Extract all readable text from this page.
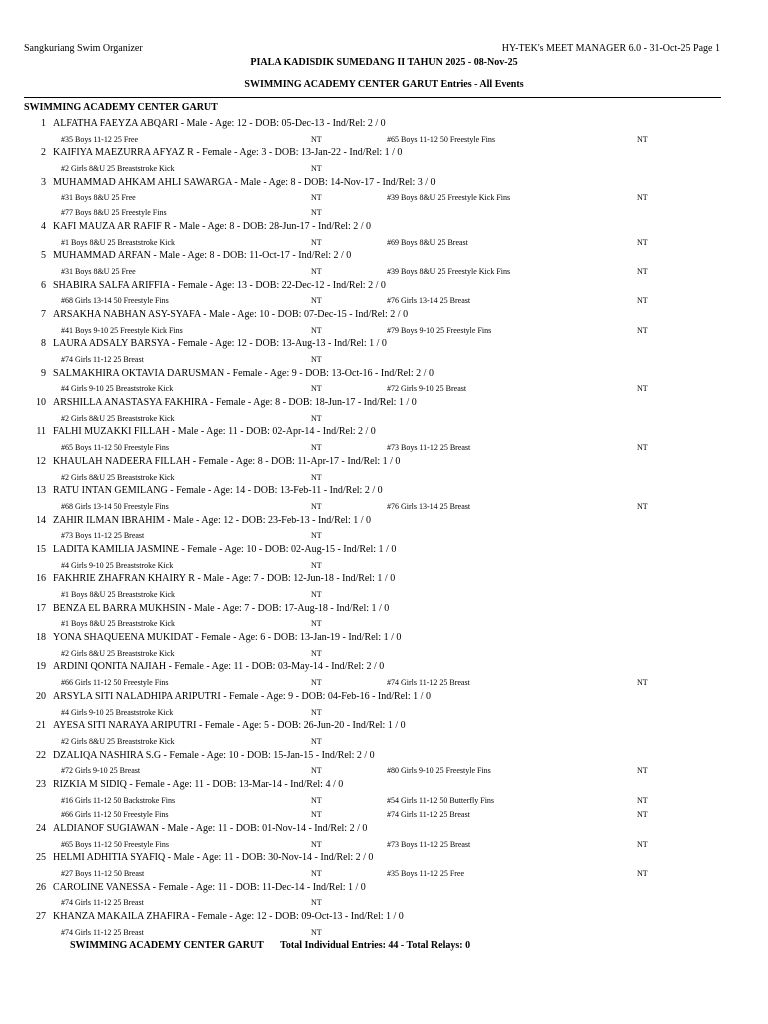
Sangkuriang Swim Organizer	HY-TEK's MEET MANAGER 6.0 - 31-Oct-25 Page 1
PIALA KADISDIK SUMEDANG II TAHUN 2025 - 08-Nov-25
SWIMMING ACADEMY CENTER GARUT Entries - All Events
SWIMMING ACADEMY CENTER GARUT
1 ALFATHA FAEYZA ABQARI - Male - Age: 12 - DOB: 05-Dec-13 - Ind/Rel: 2 / 0
#35 Boys 11-12 25 Free	NT	#65 Boys 11-12 50 Freestyle Fins	NT
2 KAIFIYA MAEZURRA AFYAZ R - Female - Age: 3 - DOB: 13-Jan-22 - Ind/Rel: 1 / 0
#2 Girls 8&U 25 Breaststroke Kick	NT
3 MUHAMMAD AHKAM AHLI SAWARGA - Male - Age: 8 - DOB: 14-Nov-17 - Ind/Rel: 3 / 0
#31 Boys 8&U 25 Free	NT	#39 Boys 8&U 25 Freestyle Kick Fins	NT
#77 Boys 8&U 25 Freestyle Fins	NT
4 KAFI MAUZA AR RAFIF R - Male - Age: 8 - DOB: 28-Jun-17 - Ind/Rel: 2 / 0
#1 Boys 8&U 25 Breaststroke Kick	NT	#69 Boys 8&U 25 Breast	NT
5 MUHAMMAD ARFAN - Male - Age: 8 - DOB: 11-Oct-17 - Ind/Rel: 2 / 0
#31 Boys 8&U 25 Free	NT	#39 Boys 8&U 25 Freestyle Kick Fins	NT
6 SHABIRA SALFA ARIFFIA - Female - Age: 13 - DOB: 22-Dec-12 - Ind/Rel: 2 / 0
#68 Girls 13-14 50 Freestyle Fins	NT	#76 Girls 13-14 25 Breast	NT
7 ARSAKHA NABHAN ASY-SYAFA - Male - Age: 10 - DOB: 07-Dec-15 - Ind/Rel: 2 / 0
#41 Boys 9-10 25 Freestyle Kick Fins	NT	#79 Boys 9-10 25 Freestyle Fins	NT
8 LAURA ADSALY BARSYA - Female - Age: 12 - DOB: 13-Aug-13 - Ind/Rel: 1 / 0
#74 Girls 11-12 25 Breast	NT
9 SALMAKHIRA OKTAVIA DARUSMAN - Female - Age: 9 - DOB: 13-Oct-16 - Ind/Rel: 2 / 0
#4 Girls 9-10 25 Breaststroke Kick	NT	#72 Girls 9-10 25 Breast	NT
10 ARSHILLA ANASTASYA FAKHIRA - Female - Age: 8 - DOB: 18-Jun-17 - Ind/Rel: 1 / 0
#2 Girls 8&U 25 Breaststroke Kick	NT
11 FALHI MUZAKKI FILLAH - Male - Age: 11 - DOB: 02-Apr-14 - Ind/Rel: 2 / 0
#65 Boys 11-12 50 Freestyle Fins	NT	#73 Boys 11-12 25 Breast	NT
12 KHAULAH NADEERA FILLAH - Female - Age: 8 - DOB: 11-Apr-17 - Ind/Rel: 1 / 0
#2 Girls 8&U 25 Breaststroke Kick	NT
13 RATU INTAN GEMILANG - Female - Age: 14 - DOB: 13-Feb-11 - Ind/Rel: 2 / 0
#68 Girls 13-14 50 Freestyle Fins	NT	#76 Girls 13-14 25 Breast	NT
14 ZAHIR ILMAN IBRAHIM - Male - Age: 12 - DOB: 23-Feb-13 - Ind/Rel: 1 / 0
#73 Boys 11-12 25 Breast	NT
15 LADITA KAMILIA JASMINE - Female - Age: 10 - DOB: 02-Aug-15 - Ind/Rel: 1 / 0
#4 Girls 9-10 25 Breaststroke Kick	NT
16 FAKHRIE ZHAFRAN KHAIRY R - Male - Age: 7 - DOB: 12-Jun-18 - Ind/Rel: 1 / 0
#1 Boys 8&U 25 Breaststroke Kick	NT
17 BENZA EL BARRA MUKHSIN - Male - Age: 7 - DOB: 17-Aug-18 - Ind/Rel: 1 / 0
#1 Boys 8&U 25 Breaststroke Kick	NT
18 YONA SHAQUEENA MUKIDAT - Female - Age: 6 - DOB: 13-Jan-19 - Ind/Rel: 1 / 0
#2 Girls 8&U 25 Breaststroke Kick	NT
19 ARDINI QONITA NAJIAH - Female - Age: 11 - DOB: 03-May-14 - Ind/Rel: 2 / 0
#66 Girls 11-12 50 Freestyle Fins	NT	#74 Girls 11-12 25 Breast	NT
20 ARSYLA SITI NALADHIPA ARIPUTRI - Female - Age: 9 - DOB: 04-Feb-16 - Ind/Rel: 1 / 0
#4 Girls 9-10 25 Breaststroke Kick	NT
21 AYESA SITI NARAYA ARIPUTRI - Female - Age: 5 - DOB: 26-Jun-20 - Ind/Rel: 1 / 0
#2 Girls 8&U 25 Breaststroke Kick	NT
22 DZALIQA NASHIRA S.G - Female - Age: 10 - DOB: 15-Jan-15 - Ind/Rel: 2 / 0
#72 Girls 9-10 25 Breast	NT	#80 Girls 9-10 25 Freestyle Fins	NT
23 RIZKIA M SIDIQ - Female - Age: 11 - DOB: 13-Mar-14 - Ind/Rel: 4 / 0
#16 Girls 11-12 50 Backstroke Fins	NT	#54 Girls 11-12 50 Butterfly Fins	NT
#66 Girls 11-12 50 Freestyle Fins	NT	#74 Girls 11-12 25 Breast	NT
24 ALDIANOF SUGIAWAN - Male - Age: 11 - DOB: 01-Nov-14 - Ind/Rel: 2 / 0
#65 Boys 11-12 50 Freestyle Fins	NT	#73 Boys 11-12 25 Breast	NT
25 HELMI ADHITIA SYAFIQ - Male - Age: 11 - DOB: 30-Nov-14 - Ind/Rel: 2 / 0
#27 Boys 11-12 50 Breast	NT	#35 Boys 11-12 25 Free	NT
26 CAROLINE VANESSA - Female - Age: 11 - DOB: 11-Dec-14 - Ind/Rel: 1 / 0
#74 Girls 11-12 25 Breast	NT
27 KHANZA MAKAILA ZHAFIRA - Female - Age: 12 - DOB: 09-Oct-13 - Ind/Rel: 1 / 0
#74 Girls 11-12 25 Breast	NT
SWIMMING ACADEMY CENTER GARUT Total Individual Entries: 44 - Total Relays: 0
